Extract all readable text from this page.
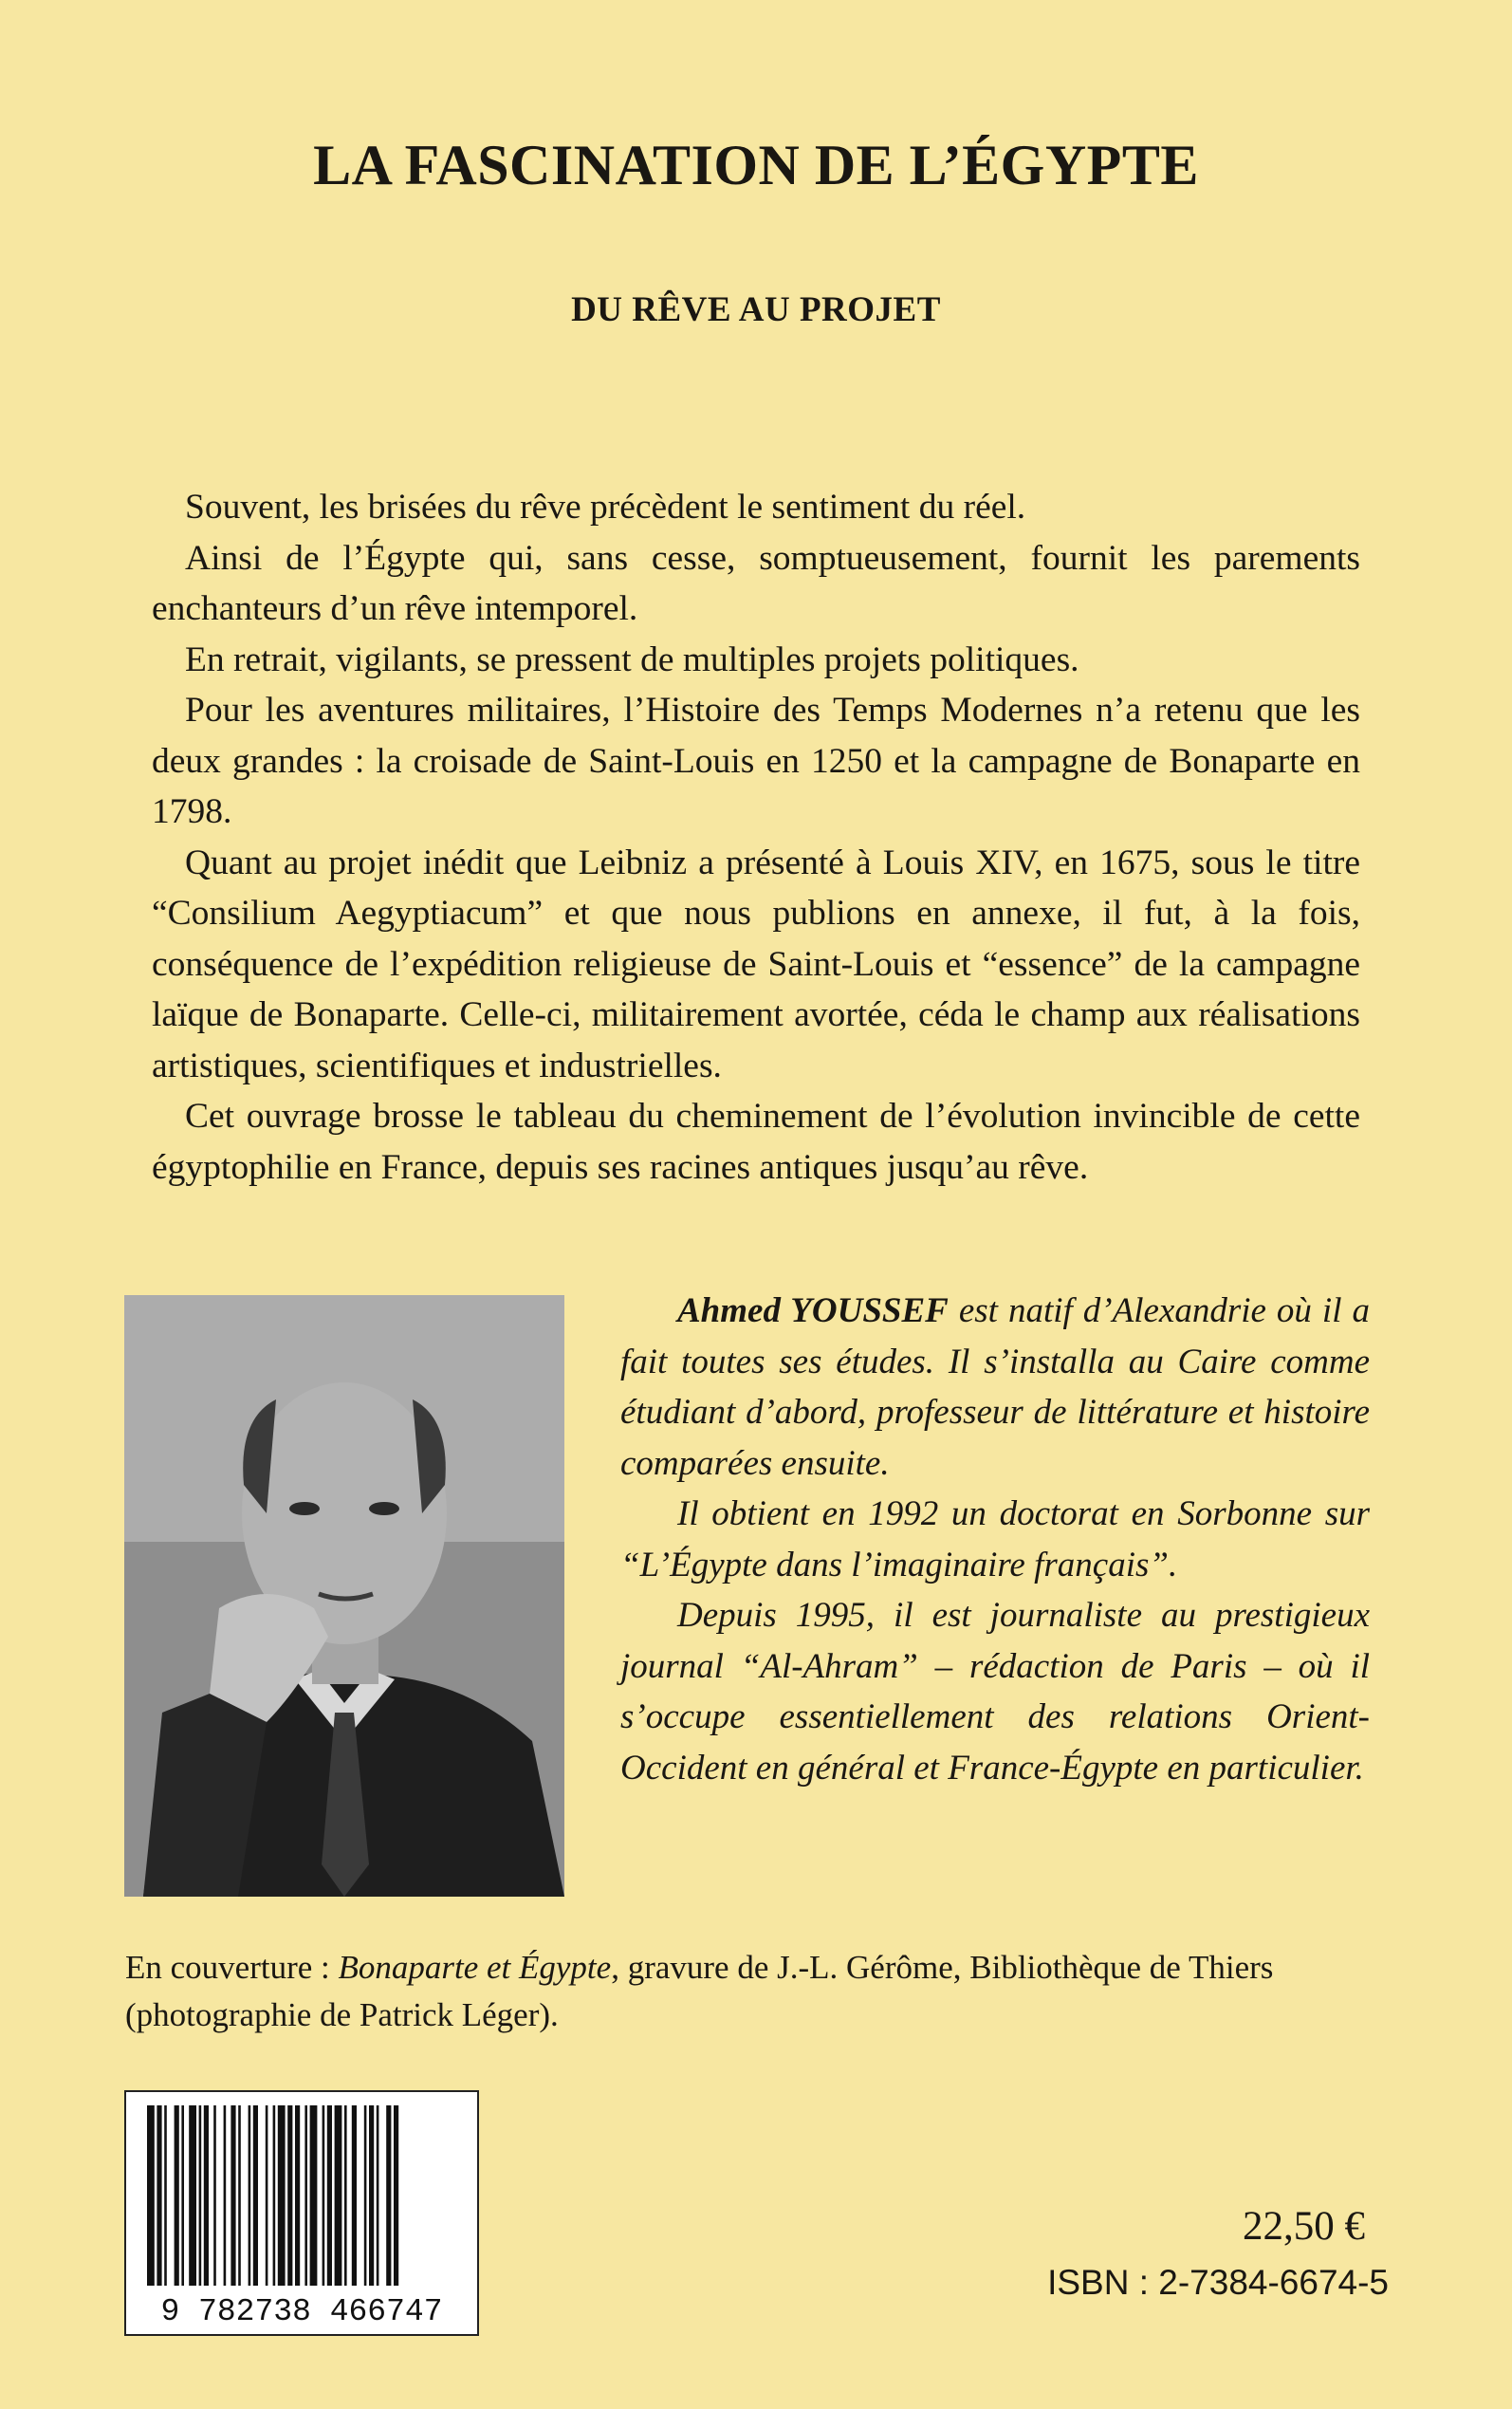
LA FASCINATION DE L’ÉGYPTE
DU RÊVE AU PROJET

Souvent, les brisées du rêve précèdent le sentiment du réel.

Ainsi de l’Égypte qui, sans cesse, somptueusement, fournit les parements enchanteurs d’un rêve intemporel.

En retrait, vigilants, se pressent de multiples projets politiques.

Pour les aventures militaires, l’Histoire des Temps Modernes n’a retenu que les deux grandes : la croisade de Saint-Louis en 1250 et la campagne de Bonaparte en 1798.

Quant au projet inédit que Leibniz a présenté à Louis XIV, en 1675, sous le titre “Consilium Aegyptiacum” et que nous publions en annexe, il fut, à la fois, conséquence de l’expédition religieuse de Saint-Louis et “essence” de la campagne laïque de Bonaparte. Celle-ci, militairement avortée, céda le champ aux réalisations artistiques, scientifiques et industrielles.

Cet ouvrage brosse le tableau du cheminement de l’évolution invincible de cette égyptophilie en France, depuis ses racines antiques jusqu’au rêve.

Ahmed YOUSSEF est natif d’Alexandrie où il a fait toutes ses études. Il s’installa au Caire comme étudiant d’abord, professeur de littérature et histoire comparées ensuite.

Il obtient en 1992 un doctorat en Sorbonne sur “L’Égypte dans l’imaginaire français”.

Depuis 1995, il est journaliste au prestigieux journal “Al-Ahram” – rédaction de Paris – où il s’occupe essentiellement des relations Orient-Occident en général et France-Égypte en particulier.

En couverture : Bonaparte et Égypte, gravure de J.-L. Gérôme, Bibliothèque de Thiers (photographie de Patrick Léger).
9 782738 466747
22,50 €
ISBN : 2-7384-6674-5
